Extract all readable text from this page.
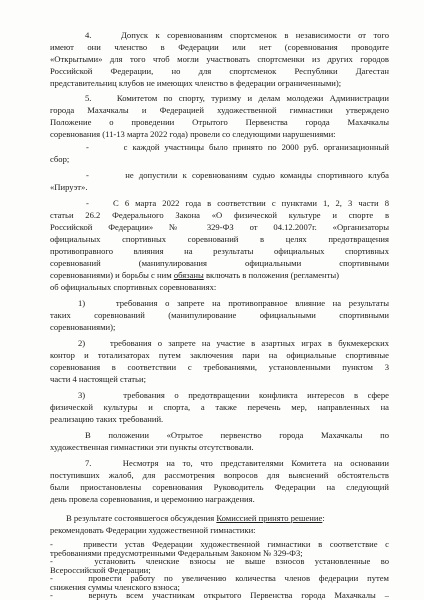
4.    Допуск к соревнованиям спортсменок в независимости от того

имеют они членство в Федерации или нет (соревнования проводите

«Открытыми» для того чтоб могли участвовать спортсменки из других городов

Российской Федерации, но для спортсменок Республики Дагестан

представительниц клубов не имеющих членство в федерации ограниченными);

5.    Комитетом по спорту, туризму и делам молодежи Администрации

города Махачкалы и Федерацией художественной гимнастики утверждено

Положение о проведении Отрытого Первенства города Махачкалы

соревнования (11-13 марта 2022 года) провели со следующими нарушениями:

-       с каждой участницы было принято по 2000 руб. организационный

сбор;

-       не допустили к соревнованиям судью команды спортивного клуба

«Пируэт».

-    С 6 марта 2022 года в соответствии с пунктами 1, 2, 3 части 8

статьи 26.2 Федерального Закона «О физической культуре и спорте в

Российской Федерации» № 329-ФЗ от 04.12.2007г. «Организаторы

официальных спортивных соревнований в целях предотвращения

противоправного влияния на результаты официальных спортивных

соревнований (манипулирования официальными спортивными

соревнованиями) и борьбы с ним обязаны включать в положения (регламенты)

об официальных спортивных соревнованиях:

1)    требования о запрете на противоправное влияние на результаты

таких соревнований (манипулирование официальными спортивными

соревнованиями);

2)    требования о запрете на участие в азартных играх в букмекерских

контор и тотализаторах путем заключения пари на официальные спортивные

соревнования в соответствии с требованиями, установленными пунктом 3

части 4 настоящей статьи;

3)    требования о предотвращении конфликта интересов в сфере

физической культуры и спорта, а также перечень мер, направленных на

реализацию таких требований.

В положении «Отрытое первенство города Махачкалы по

художественная гимнастики эти пункты отсутствовали.

7.    Несмотря на то, что представителями Комитета на основании

поступивших жалоб, для рассмотрения вопросов для выяснений обстоятельств

были приостановлены соревнования Руководитель Федерации на следующий

день провела соревнования, и церемонию награждения.

В результате состоявшегося обсуждения Комиссией принято решение:

рекомендовать Федерации художественной гимнастики:

-    привести устав Федерации художественной гимнастики в соответствие с

требованиями предусмотренными Федеральным Законом № 329-ФЗ;

-    установить членские взносы не выше взносов установленные во

Всероссийской Федерации;

-    провести работу по увеличению количества членов федерации путем

снижения суммы членского взноса;

-    вернуть всем участникам открытого Первенства города Махачкалы –
